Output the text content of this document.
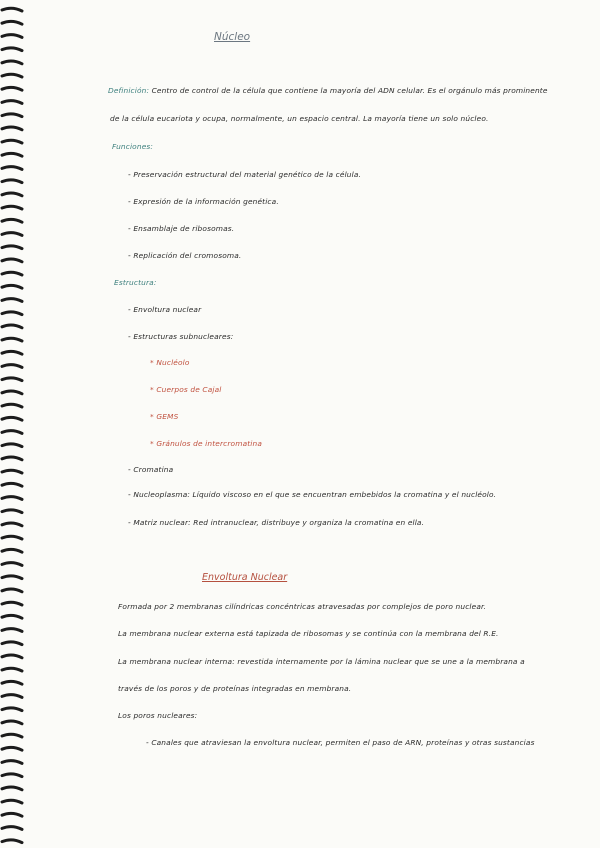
Núcleo
Definición: Centro de control de la célula que contiene la mayoría del ADN celular. Es el orgánulo más prominente
de la célula eucariota y ocupa, normalmente, un espacio central. La mayoría tiene un solo núcleo.
Funciones:
- Preservación estructural del material genético de la célula.
- Expresión de la información genética.
- Ensamblaje de ribosomas.
- Replicación del cromosoma.
Estructura:
- Envoltura nuclear
- Estructuras subnucleares:
* Nucléolo
* Cuerpos de Cajal
* GEMS
* Gránulos de intercromatina
- Cromatina
- Nucleoplasma: Líquido viscoso en el que se encuentran embebidos la cromatina y el nucléolo.
- Matriz nuclear: Red intranuclear, distribuye y organiza la cromatina en ella.
Envoltura Nuclear
Formada por 2 membranas cilíndricas concéntricas atravesadas por complejos de poro nuclear.
La membrana nuclear externa está tapizada de ribosomas y se continúa con la membrana del R.E.
La membrana nuclear interna: revestida internamente por la lámina nuclear que se une a la membrana a
través de los poros y de proteínas integradas en membrana.
Los poros nucleares:
- Canales que atraviesan la envoltura nuclear, permiten el paso de ARN, proteínas y otras sustancias
